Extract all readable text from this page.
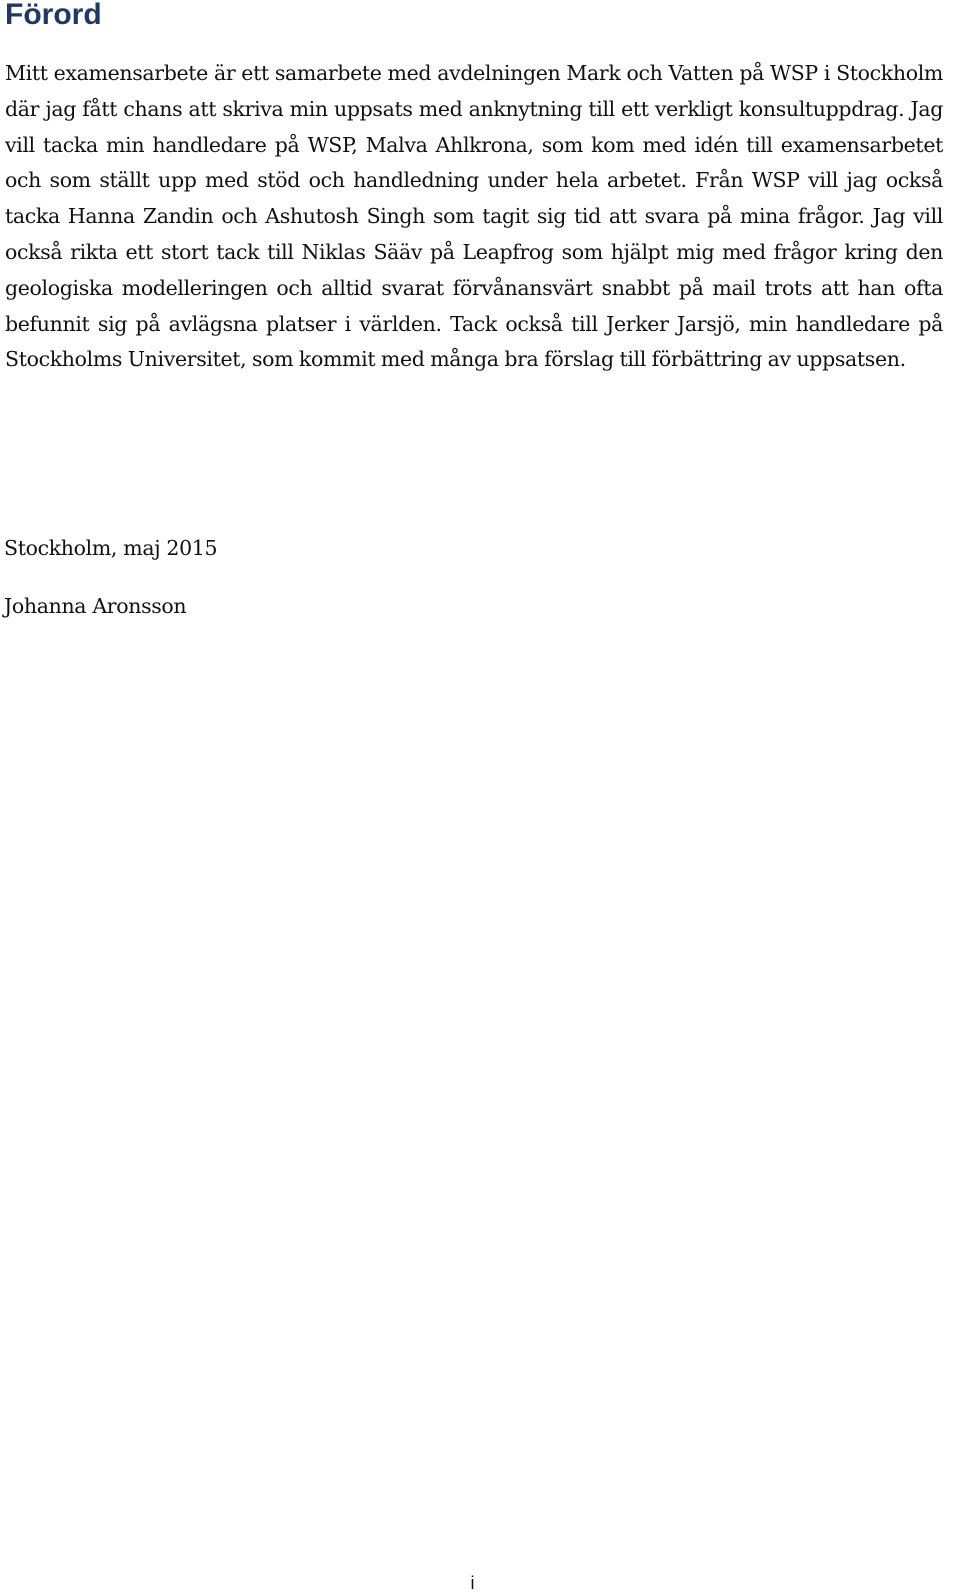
Förord

Mitt examensarbete är ett samarbete med avdelningen Mark och Vatten på WSP i Stockholm där jag fått chans att skriva min uppsats med anknytning till ett verkligt konsultuppdrag. Jag vill tacka min handledare på WSP, Malva Ahlkrona, som kom med idén till examensarbetet och som ställt upp med stöd och handledning under hela arbetet. Från WSP vill jag också tacka Hanna Zandin och Ashutosh Singh som tagit sig tid att svara på mina frågor. Jag vill också rikta ett stort tack till Niklas Sääv på Leapfrog som hjälpt mig med frågor kring den geologiska modelleringen och alltid svarat förvånansvärt snabbt på mail trots att han ofta befunnit sig på avlägsna platser i världen. Tack också till Jerker Jarsjö, min handledare på Stockholms Universitet, som kommit med många bra förslag till förbättring av uppsatsen.

Stockholm, maj 2015

Johanna Aronsson

i
